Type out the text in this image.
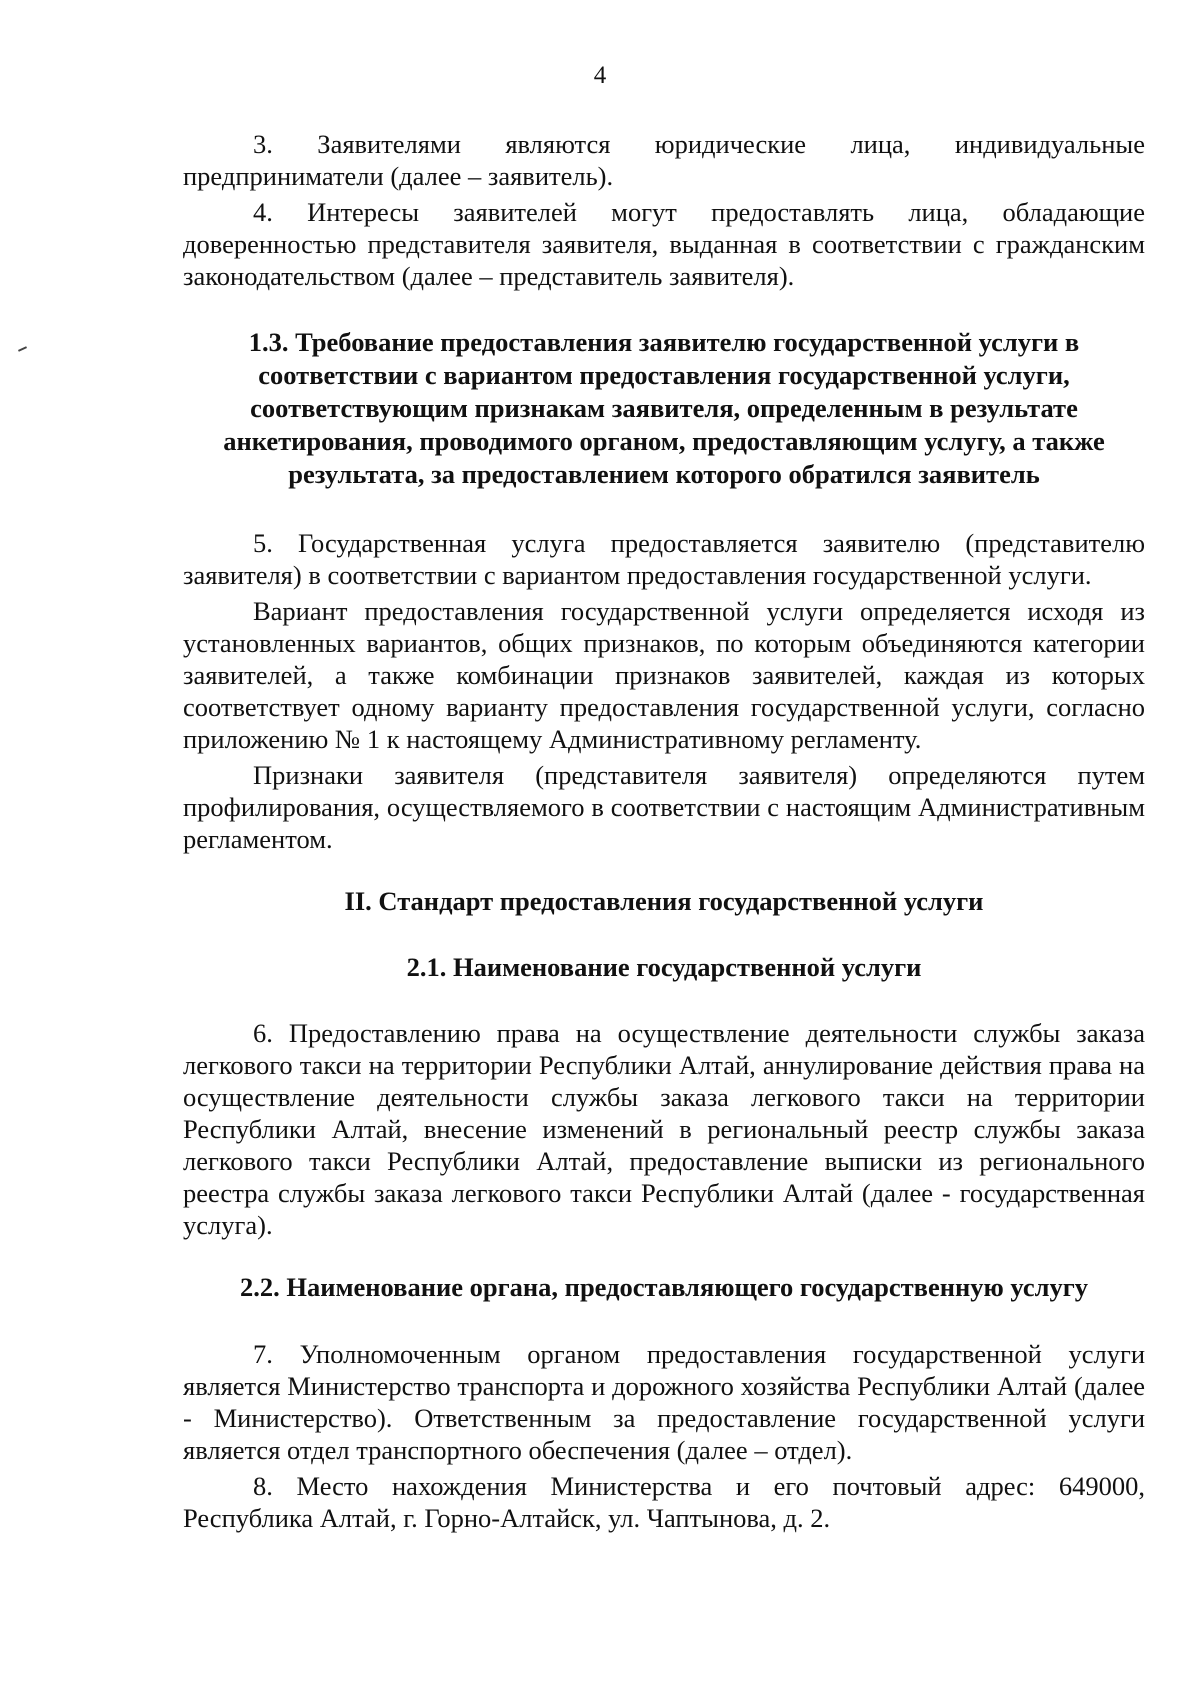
4

3. Заявителями являются юридические лица, индивидуальные предприниматели (далее – заявитель).

4. Интересы заявителей могут предоставлять лица, обладающие доверенностью представителя заявителя, выданная в соответствии с гражданским законодательством (далее – представитель заявителя).

1.3. Требование предоставления заявителю государственной услуги в соответствии с вариантом предоставления государственной услуги, соответствующим признакам заявителя, определенным в результате анкетирования, проводимого органом, предоставляющим услугу, а также результата, за предоставлением которого обратился заявитель

5. Государственная услуга предоставляется заявителю (представителю заявителя) в соответствии с вариантом предоставления государственной услуги.

Вариант предоставления государственной услуги определяется исходя из установленных вариантов, общих признаков, по которым объединяются категории заявителей, а также комбинации признаков заявителей, каждая из которых соответствует одному варианту предоставления государственной услуги, согласно приложению № 1 к настоящему Административному регламенту.

Признаки заявителя (представителя заявителя) определяются путем профилирования, осуществляемого в соответствии с настоящим Административным регламентом.

II. Стандарт предоставления государственной услуги
2.1. Наименование государственной услуги

6. Предоставлению права на осуществление деятельности службы заказа легкового такси на территории Республики Алтай, аннулирование действия права на осуществление деятельности службы заказа легкового такси на территории Республики Алтай, внесение изменений в региональный реестр службы заказа легкового такси Республики Алтай, предоставление выписки из регионального реестра службы заказа легкового такси Республики Алтай (далее - государственная услуга).

2.2. Наименование органа, предоставляющего государственную услугу

7. Уполномоченным органом предоставления государственной услуги является Министерство транспорта и дорожного хозяйства Республики Алтай (далее - Министерство). Ответственным за предоставление государственной услуги является отдел транспортного обеспечения (далее – отдел).

8. Место нахождения Министерства и его почтовый адрес: 649000, Республика Алтай, г. Горно-Алтайск, ул. Чаптынова, д. 2.
